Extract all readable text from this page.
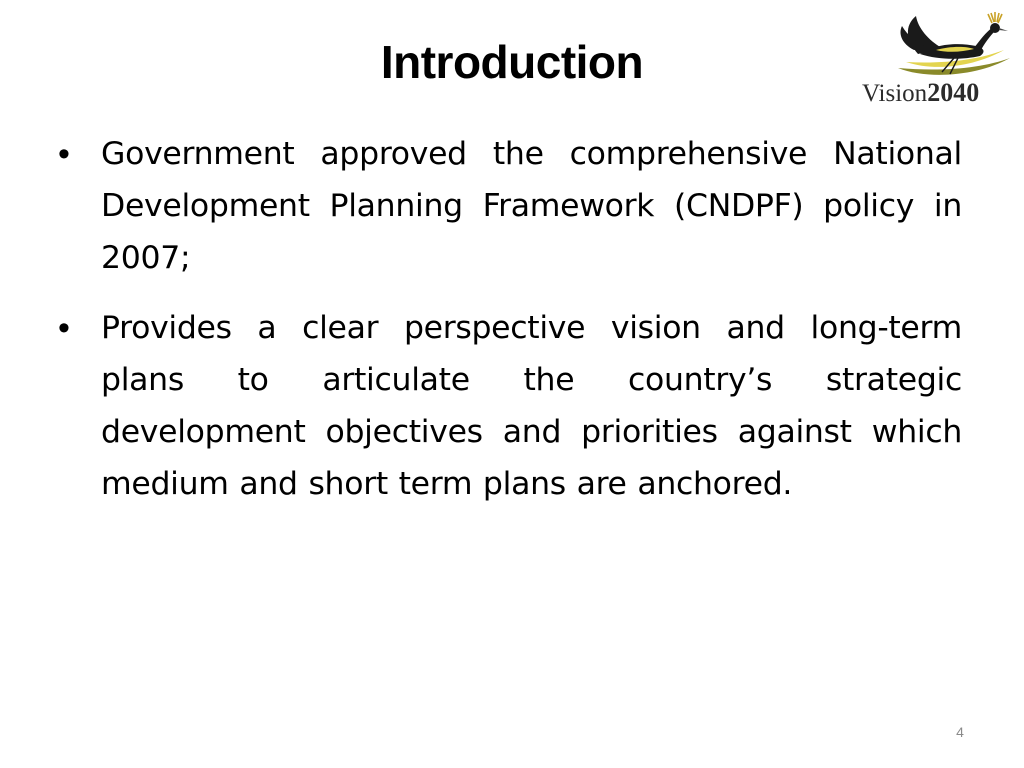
Introduction
Vision2040
• Government approved the comprehensive National Development Planning Framework (CNDPF) policy in 2007;
• Provides a clear perspective vision and long-term plans to articulate the country’s strategic development objectives and priorities against which medium and short term plans are anchored.
4
